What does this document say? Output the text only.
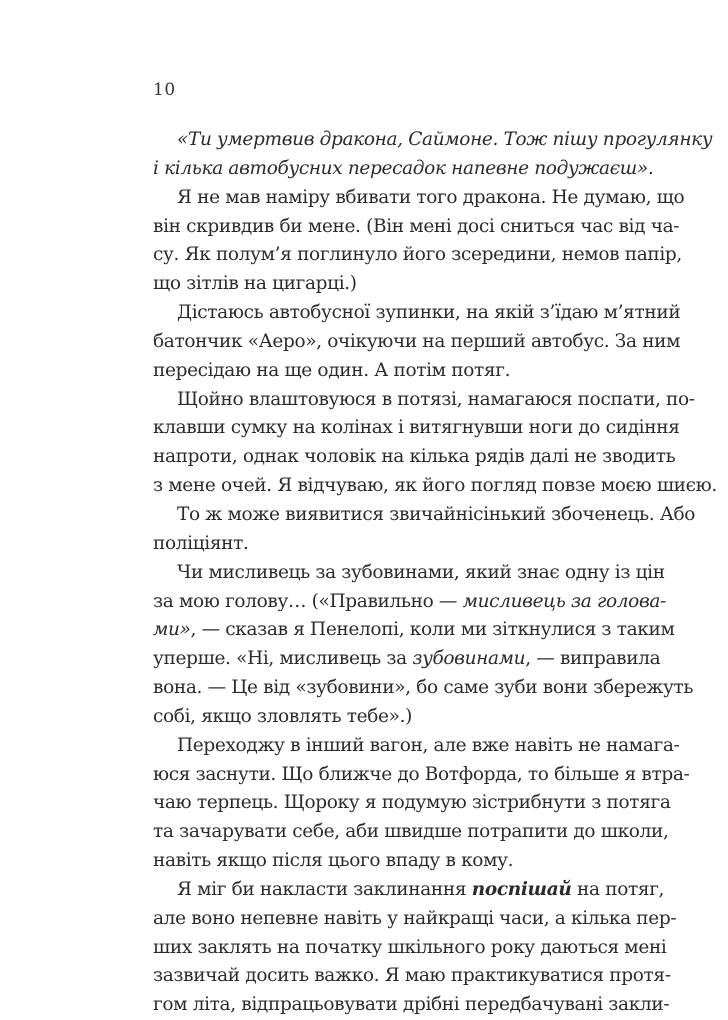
10
«Ти умертвив дракона, Саймоне. Тож пішу прогулянку
і кілька автобусних пересадок напевне подужаєш».
Я не мав наміру вбивати того дракона. Не думаю, що
він скривдив би мене. (Він мені досі сниться час від ча-
су. Як полум’я поглинуло його зсередини, немов папір,
що зітлів на цигарці.)
Дістаюсь автобусної зупинки, на якій з’їдаю м’ятний
батончик «Аеро», очікуючи на перший автобус. За ним
пересідаю на ще один. А потім потяг.
Щойно влаштовуюся в потязі, намагаюся поспати, по-
клавши сумку на колінах і витягнувши ноги до сидіння
напроти, однак чоловік на кілька рядів далі не зводить
з мене очей. Я відчуваю, як його погляд повзе моєю шиєю.
То ж може виявитися звичайнісінький збоченець. Або
поліціянт.
Чи мисливець за зубовинами, який знає одну із цін
за мою голову… («Правильно — мисливець за голова-
ми», — сказав я Пенелопі, коли ми зіткнулися з таким
уперше. «Ні, мисливець за зубовинами, — виправила
вона. — Це від «зубовини», бо саме зуби вони збережуть
собі, якщо зловлять тебе».)
Переходжу в інший вагон, але вже навіть не намага-
юся заснути. Що ближче до Вотфорда, то більше я втра-
чаю терпець. Щороку я подумую зістрибнути з потяга
та зачарувати себе, аби швидше потрапити до школи,
навіть якщо після цього впаду в кому.
Я міг би накласти заклинання поспішай на потяг,
але воно непевне навіть у найкращі часи, а кілька пер-
ших заклять на початку шкільного року даються мені
зазвичай досить важко. Я маю практикуватися протя-
гом літа, відпрацьовувати дрібні передбачувані закли-
